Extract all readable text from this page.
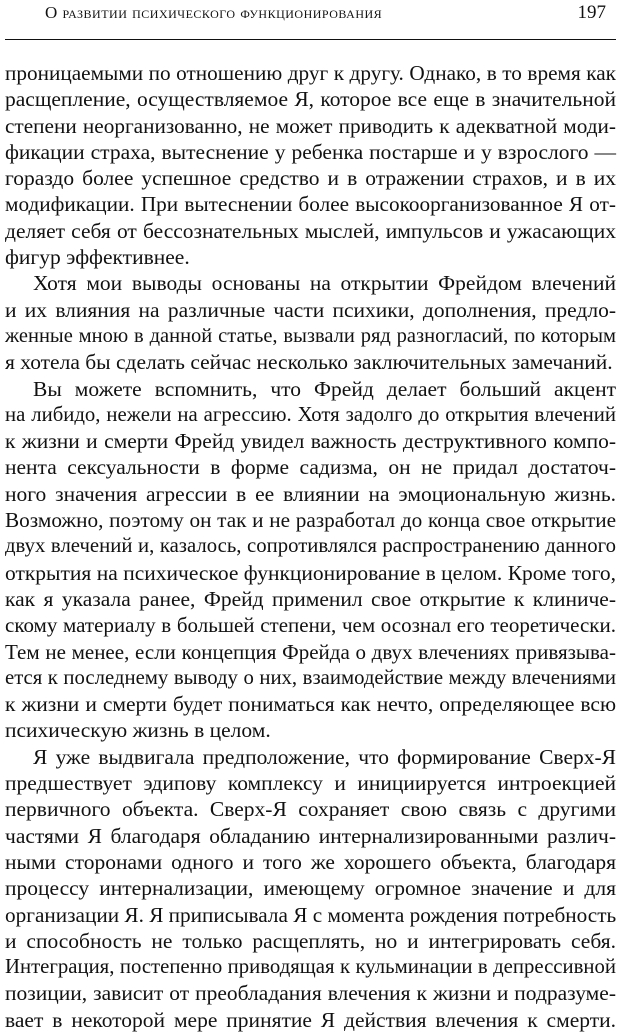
О развитии психического функционирования	197

проницаемыми по отношению друг к другу. Однако, в то время как
расщепление, осуществляемое Я, которое все еще в значительной
степени неорганизованно, не может приводить к адекватной моди-
фикации страха, вытеснение у ребенка постарше и у взрослого —
гораздо более успешное средство и в отражении страхов, и в их
модификации. При вытеснении более высокоорганизованное Я от-
деляет себя от бессознательных мыслей, импульсов и ужасающих
фигур эффективнее.

Хотя мои выводы основаны на открытии Фрейдом влечений
и их влияния на различные части психики, дополнения, предло-
женные мною в данной статье, вызвали ряд разногласий, по которым
я хотела бы сделать сейчас несколько заключительных замечаний.

Вы можете вспомнить, что Фрейд делает больший акцент
на либидо, нежели на агрессию. Хотя задолго до открытия влечений
к жизни и смерти Фрейд увидел важность деструктивного компо-
нента сексуальности в форме садизма, он не придал достаточ-
ного значения агрессии в ее влиянии на эмоциональную жизнь.
Возможно, поэтому он так и не разработал до конца свое открытие
двух влечений и, казалось, сопротивлялся распространению данного
открытия на психическое функционирование в целом. Кроме того,
как я указала ранее, Фрейд применил свое открытие к клиниче-
скому материалу в большей степени, чем осознал его теоретически.
Тем не менее, если концепция Фрейда о двух влечениях привязыва-
ется к последнему выводу о них, взаимодействие между влечениями
к жизни и смерти будет пониматься как нечто, определяющее всю
психическую жизнь в целом.

Я уже выдвигала предположение, что формирование Сверх-Я
предшествует эдипову комплексу и инициируется интроекцией
первичного объекта. Сверх-Я сохраняет свою связь с другими
частями Я благодаря обладанию интернализированными различ-
ными сторонами одного и того же хорошего объекта, благодаря
процессу интернализации, имеющему огромное значение и для
организации Я. Я приписывала Я с момента рождения потребность
и способность не только расщеплять, но и интегрировать себя.
Интеграция, постепенно приводящая к кульминации в депрессивной
позиции, зависит от преобладания влечения к жизни и подразуме-
вает в некоторой мере принятие Я действия влечения к смерти.
